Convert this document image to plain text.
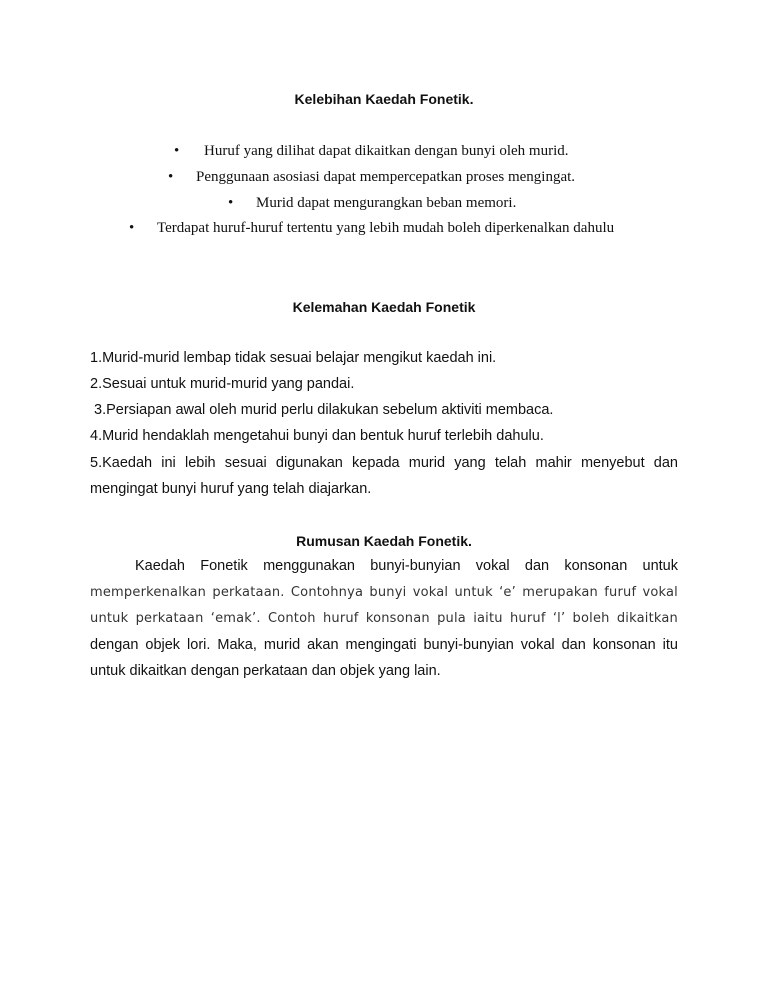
Kelebihan Kaedah Fonetik.
• Huruf yang dilihat dapat dikaitkan dengan bunyi oleh murid.
• Penggunaan asosiasi dapat mempercepatkan proses mengingat.
• Murid dapat mengurangkan beban memori.
• Terdapat huruf-huruf tertentu yang lebih mudah boleh diperkenalkan dahulu
Kelemahan Kaedah Fonetik
1.Murid-murid lembap tidak sesuai belajar mengikut kaedah ini.
2.Sesuai untuk murid-murid yang pandai.
3.Persiapan awal oleh murid perlu dilakukan sebelum aktiviti membaca.
4.Murid hendaklah mengetahui bunyi dan bentuk huruf terlebih dahulu.
5.Kaedah ini lebih sesuai digunakan kepada murid yang telah mahir menyebut dan
mengingat bunyi huruf yang telah diajarkan.
Rumusan Kaedah Fonetik.
Kaedah Fonetik menggunakan bunyi-bunyian vokal dan konsonan untuk
memperkenalkan perkataan. Contohnya bunyi vokal untuk ‘e’ merupakan furuf vokal
untuk perkataan ‘emak’. Contoh huruf konsonan pula iaitu huruf ‘l’ boleh dikaitkan
dengan objek lori. Maka, murid akan mengingati bunyi-bunyian vokal dan konsonan itu
untuk dikaitkan dengan perkataan dan objek yang lain.
